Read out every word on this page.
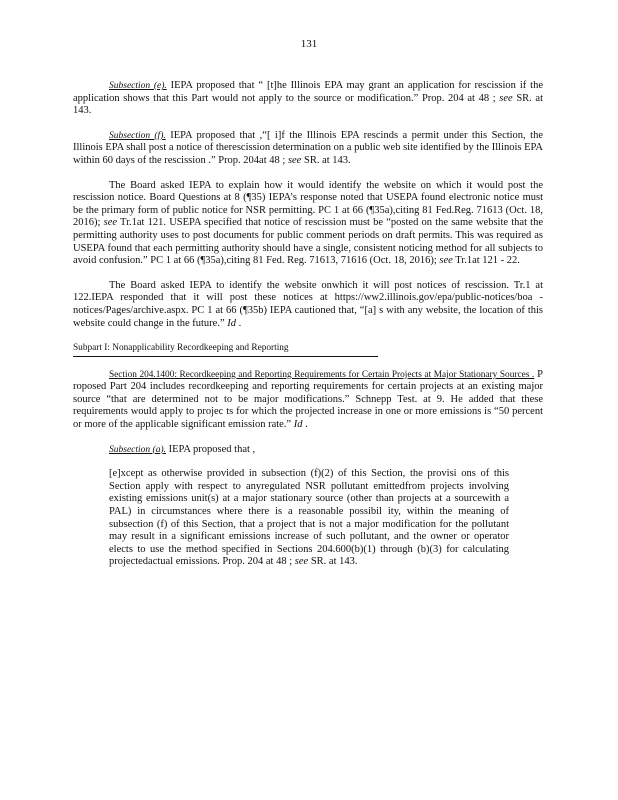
131

Subsection (e). IEPA proposed that “ [t]he Illinois EPA may grant an application for rescission if the application shows that this Part would not apply to the source or modification.” Prop. 204 at 48 ; see SR. at 143.

Subsection (f). IEPA proposed that ,“[ i]f the Illinois EPA rescinds a permit under this Section, the Illinois EPA shall post a notice of therescission determination on a public web site identified by the Illinois EPA within 60 days of the rescission .” Prop. 204at 48 ; see SR. at 143.

The Board asked IEPA to explain how it would identify the website on which it would post the rescission notice. Board Questions at 8 (¶35) IEPA’s response noted that USEPA found electronic notice must be the primary form of public notice for NSR permitting. PC 1 at 66 (¶35a),citing 81 Fed.Reg. 71613 (Oct. 18, 2016); see Tr.1at 121. USEPA specified that notice of rescission must be “posted on the same website that the permitting authority uses to post documents for public comment periods on draft permits. This was required as USEPA found that each permitting authority should have a single, consistent noticing method for all subjects to avoid confusion.” PC 1 at 66 (¶35a),citing 81 Fed. Reg. 71613, 71616 (Oct. 18, 2016); see Tr.1at 121 - 22.

The Board asked IEPA to identify the website onwhich it will post notices of rescission. Tr.1 at 122.IEPA responded that it will post these notices at https://ww2.illinois.gov/epa/public-notices/boa -notices/Pages/archive.aspx. PC 1 at 66 (¶35b) IEPA cautioned that, “[a] s with any website, the location of this website could change in the future.” Id .

Subpart I: Nonapplicability Recordkeeping and Reporting
Section 204.1400: Recordkeeping and Reporting Requirements for Certain Projects at Major Stationary Sources . P roposed Part 204 includes recordkeeping and reporting requirements for certain projects at an existing major source “that are determined not to be major modifications.” Schnepp Test. at 9. He added that these requirements would apply to projec ts for which the projected increase in one or more emissions is “50 percent or more of the applicable significant emission rate.” Id .

Subsection (a). IEPA proposed that ,

[e]xcept as otherwise provided in subsection (f)(2) of this Section, the provisi ons of this Section apply with respect to anyregulated NSR pollutant emittedfrom projects involving existing emissions unit(s) at a major stationary source (other than projects at a sourcewith a PAL) in circumstances where there is a reasonable possibil ity, within the meaning of subsection (f) of this Section, that a project that is not a major modification for the pollutant may result in a significant emissions increase of such pollutant, and the owner or operator elects to use the method specified in Sections 204.600(b)(1) through (b)(3) for calculating projectedactual emissions. Prop. 204 at 48 ; see SR. at 143.
